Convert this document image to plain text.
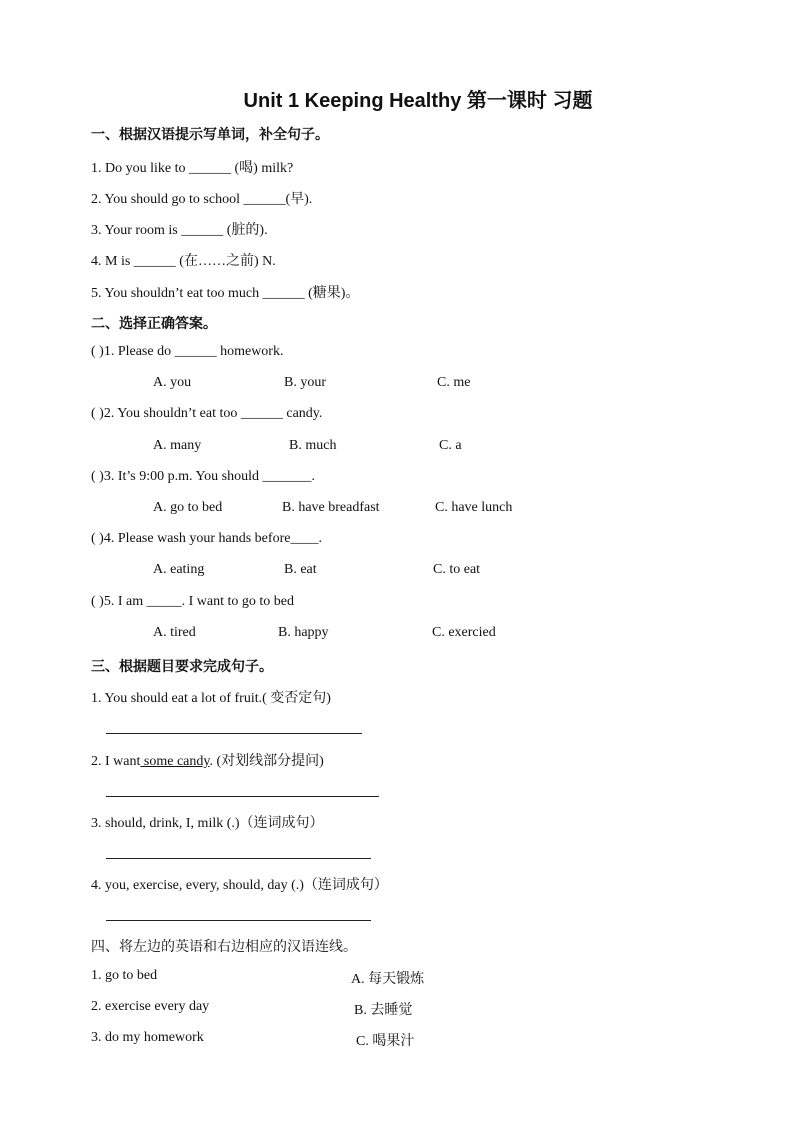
Unit 1 Keeping Healthy 第一课时 习题
一、根据汉语提示写单词，补全句子。
1. Do you like to ______ (喝) milk?
2. You should go to school ______(早).
3. Your room is ______ (脏的).
4. M is ______ (在……之前) N.
5. You shouldn’t eat too much ______ (糖果)。
二、选择正确答案。
( )1. Please do ______ homework.
A. you	B. your	C. me
( )2. You shouldn’t eat too ______ candy.
A. many	B. much	C. a
( )3. It’s 9:00 p.m. You should _______.
A. go to bed	B. have breadfast	C. have lunch
( )4. Please wash your hands before____.
A. eating	B. eat	C. to eat
( )5. I am _____. I want to go to bed
A. tired	B. happy	C. exercied
三、根据题目要求完成句子。
1. You should eat a lot of fruit.( 变否定句)
2. I want some candy. (对划线部分提问)
3. should, drink, I, milk (.)（连词成句）
4. you, exercise, every, should, day (.)（连词成句）
四、将左边的英语和右边相应的汉语连线。
1. go to bed	A. 每天锻炼
2. exercise every day	B. 去睡觉
3. do my homework	C. 喝果汁
